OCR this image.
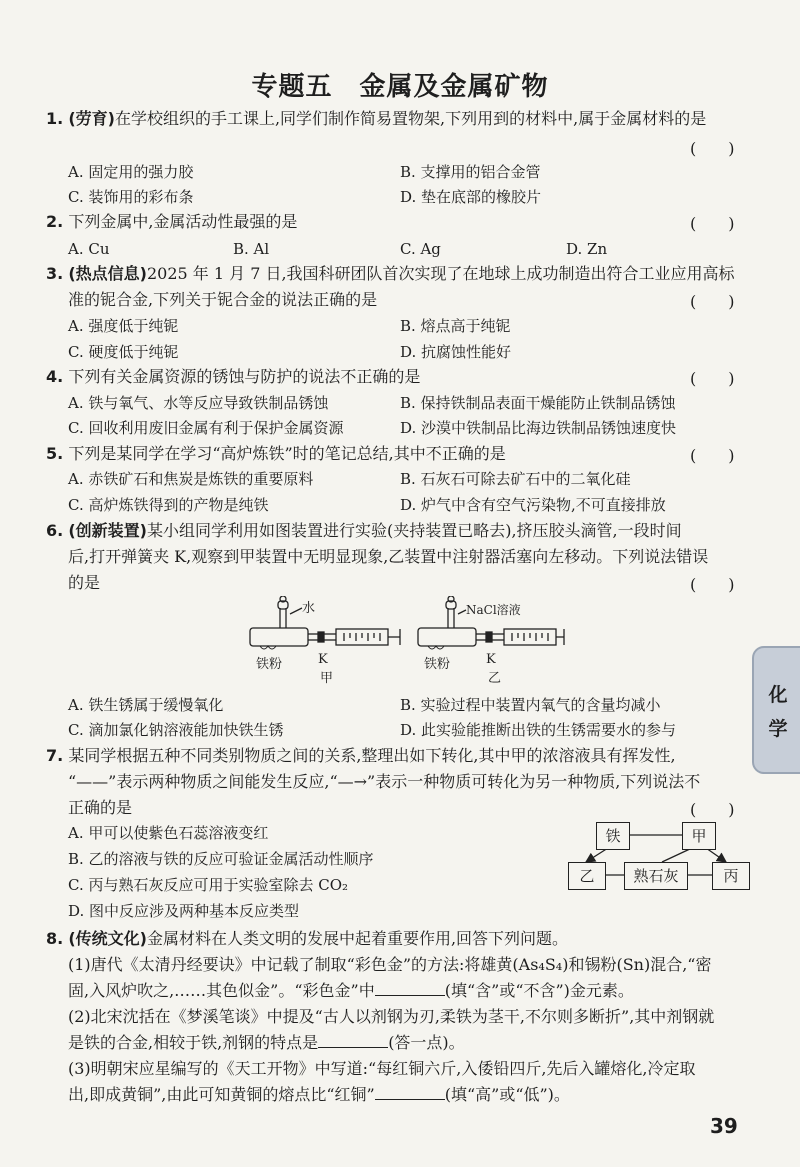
专题五　金属及金属矿物
1. (劳育)在学校组织的手工课上,同学们制作简易置物架,下列用到的材料中,属于金属材料的是
(　　)
A. 固定用的强力胶	B. 支撑用的铝合金管
C. 装饰用的彩布条	D. 垫在底部的橡胶片
2. 下列金属中,金属活动性最强的是	(　　)
A. Cu	B. Al	C. Ag	D. Zn
3. (热点信息)2025 年 1 月 7 日,我国科研团队首次实现了在地球上成功制造出符合工业应用高标
准的铌合金,下列关于铌合金的说法正确的是	(　　)
A. 强度低于纯铌	B. 熔点高于纯铌
C. 硬度低于纯铌	D. 抗腐蚀性能好
4. 下列有关金属资源的锈蚀与防护的说法不正确的是	(　　)
A. 铁与氧气、水等反应导致铁制品锈蚀	B. 保持铁制品表面干燥能防止铁制品锈蚀
C. 回收利用废旧金属有利于保护金属资源	D. 沙漠中铁制品比海边铁制品锈蚀速度快
5. 下列是某同学在学习“高炉炼铁”时的笔记总结,其中不正确的是	(　　)
A. 赤铁矿石和焦炭是炼铁的重要原料	B. 石灰石可除去矿石中的二氧化硅
C. 高炉炼铁得到的产物是纯铁	D. 炉气中含有空气污染物,不可直接排放
6. (创新装置)某小组同学利用如图装置进行实验(夹持装置已略去),挤压胶头滴管,一段时间
后,打开弹簧夹 K,观察到甲装置中无明显现象,乙装置中注射器活塞向左移动。下列说法错误
的是	(　　)
水
铁粉	K
甲
NaCl溶液
铁粉	K
乙
A. 铁生锈属于缓慢氧化	B. 实验过程中装置内氧气的含量均减小
C. 滴加氯化钠溶液能加快铁生锈	D. 此实验能推断出铁的生锈需要水的参与
7. 某同学根据五种不同类别物质之间的关系,整理出如下转化,其中甲的浓溶液具有挥发性,
“——”表示两种物质之间能发生反应,“—→”表示一种物质可转化为另一种物质,下列说法不
正确的是	(　　)
A. 甲可以使紫色石蕊溶液变红
B. 乙的溶液与铁的反应可验证金属活动性顺序
C. 丙与熟石灰反应可用于实验室除去 CO₂
D. 图中反应涉及两种基本反应类型
铁	甲
乙	熟石灰	丙
8. (传统文化)金属材料在人类文明的发展中起着重要作用,回答下列问题。
(1)唐代《太清丹经要诀》中记载了制取“彩色金”的方法:将雄黄(As₄S₄)和锡粉(Sn)混合,“密
固,入风炉吹之,……其色似金”。“彩色金”中	(填“含”或“不含”)金元素。
(2)北宋沈括在《梦溪笔谈》中提及“古人以剂钢为刃,柔铁为茎干,不尔则多断折”,其中剂钢就
是铁的合金,相较于铁,剂钢的特点是	(答一点)。
(3)明朝宋应星编写的《天工开物》中写道:“每红铜六斤,入倭铅四斤,先后入罐熔化,冷定取
出,即成黄铜”,由此可知黄铜的熔点比“红铜”	(填“高”或“低”)。
化
学
39
